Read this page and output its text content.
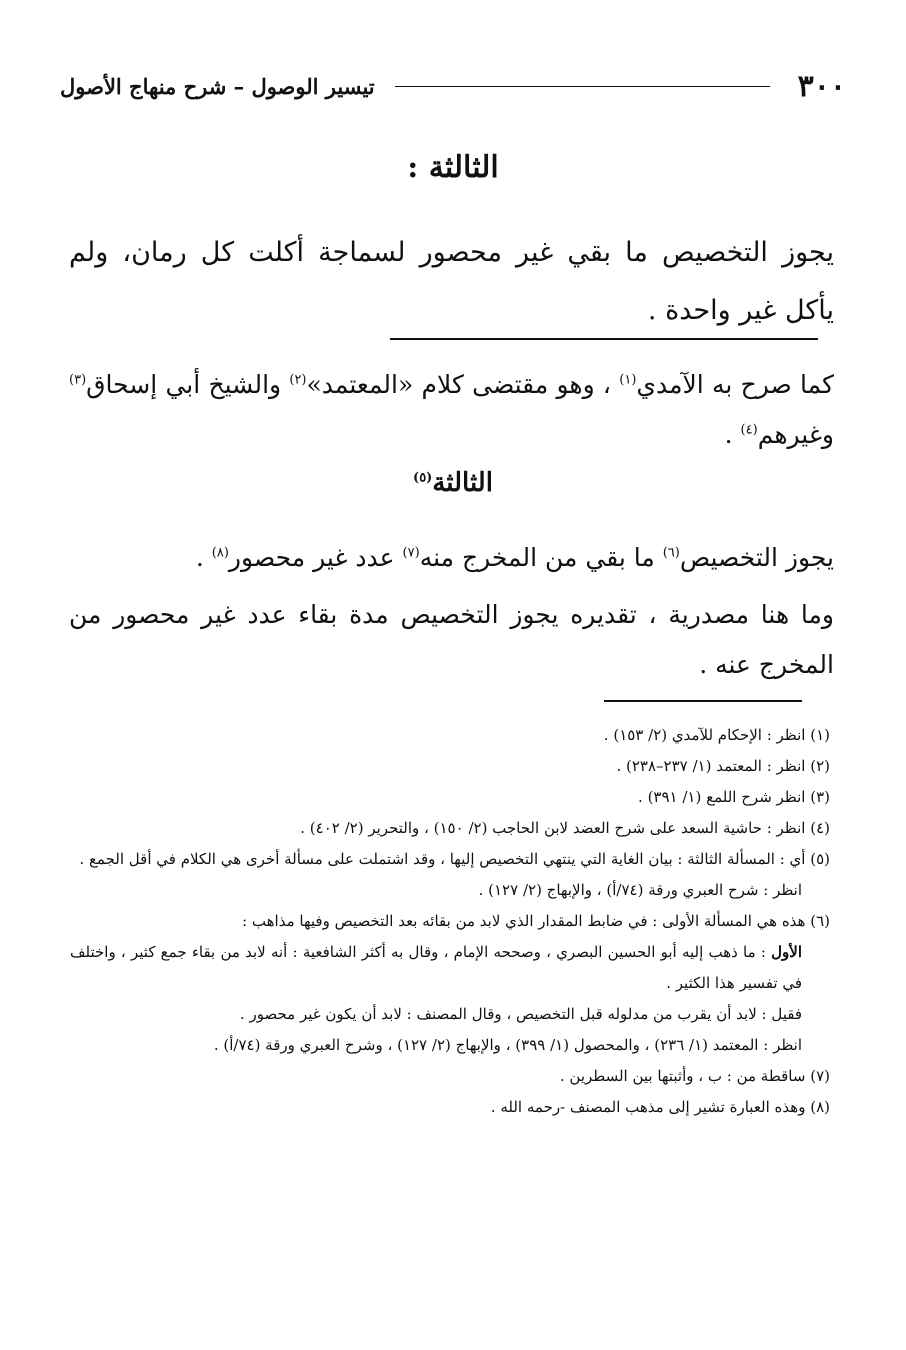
٣٠٠
تيسير الوصول – شرح منهاج الأصول
الثالثة :
يجوز التخصيص ما بقي غير محصور لسماجة أكلت كل رمان، ولم يأكل غير واحدة .
كما صرح به الآمدي$^{(١)}$ ، وهو مقتضى كلام «المعتمد»$^{(٢)}$ والشيخ أبي إسحاق$^{(٣)}$ وغيرهم$^{(٤)}$ .
الثالثة$^{(٥)}$
يجوز التخصيص$^{(٦)}$ ما بقي من المخرج منه$^{(٧)}$ عدد غير محصور$^{(٨)}$ .
وما هنا مصدرية ، تقديره يجوز التخصيص مدة بقاء عدد غير محصور من المخرج عنه .

(١) انظر : الإحكام للآمدي (٢/ ١٥٣) .

(٢) انظر : المعتمد (١/ ٢٣٧–٢٣٨) .

(٣) انظر شرح اللمع (١/ ٣٩١) .

(٤) انظر : حاشية السعد على شرح العضد لابن الحاجب (٢/ ١٥٠) ، والتحرير (٢/ ٤٠٢) .

(٥) أي : المسألة الثالثة : بيان الغاية التي ينتهي التخصيص إليها ، وقد اشتملت على مسألة أخرى هي الكلام في أقل الجمع .

انظر : شرح العبري ورقة (٧٤/أ) ، والإبهاج (٢/ ١٢٧) .

(٦) هذه هي المسألة الأولى : في ضابط المقدار الذي لابد من بقائه بعد التخصيص وفيها مذاهب :

الأول : ما ذهب إليه أبو الحسين البصري ، وصححه الإمام ، وقال به أكثر الشافعية : أنه لابد من بقاء جمع كثير ، واختلف في تفسير هذا الكثير .

فقيل : لابد أن يقرب من مدلوله قبل التخصيص ، وقال المصنف : لابد أن يكون غير محصور .

انظر : المعتمد (١/ ٢٣٦) ، والمحصول (١/ ٣٩٩) ، والإبهاج (٢/ ١٢٧) ، وشرح العبري ورقة (٧٤/أ) .

(٧) ساقطة من : ب ، وأثبتها بين السطرين .

(٨) وهذه العبارة تشير إلى مذهب المصنف -رحمه الله .
